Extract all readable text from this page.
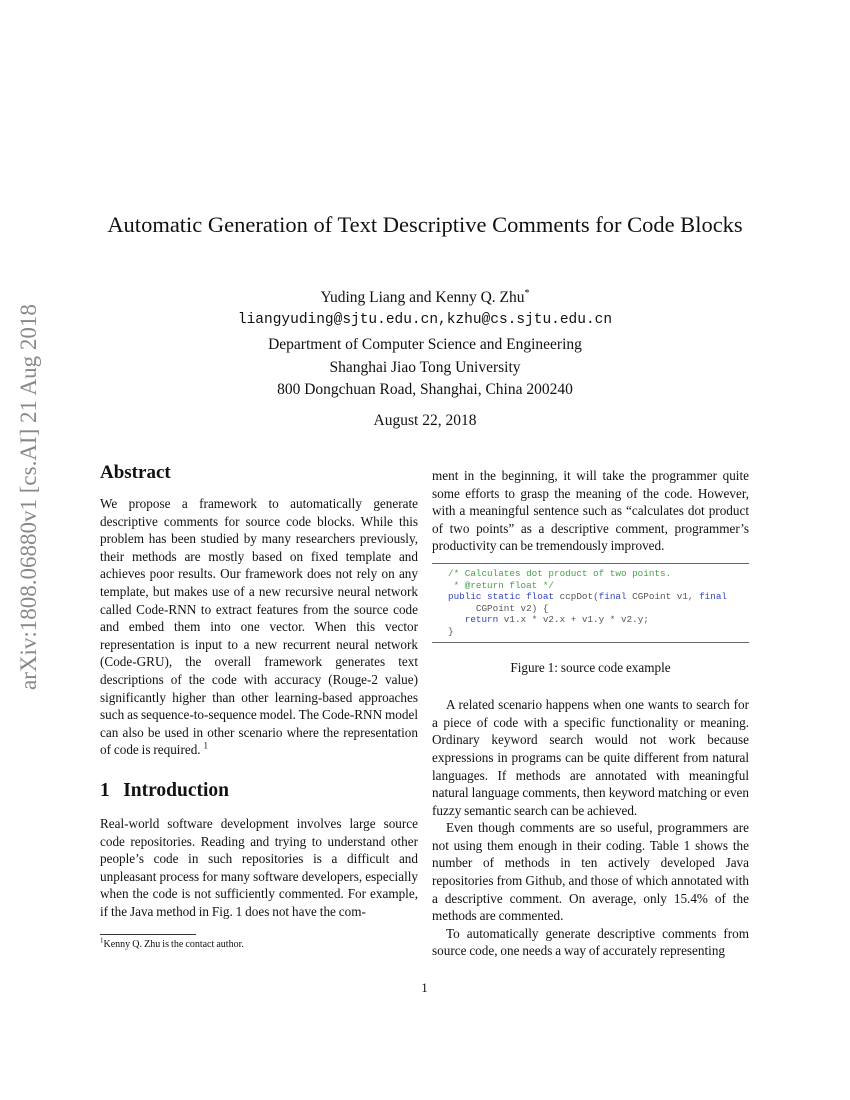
arXiv:1808.06880v1 [cs.AI] 21 Aug 2018
Automatic Generation of Text Descriptive Comments for Code Blocks
Yuding Liang and Kenny Q. Zhu*
liangyuding@sjtu.edu.cn,kzhu@cs.sjtu.edu.cn
Department of Computer Science and Engineering
Shanghai Jiao Tong University
800 Dongchuan Road, Shanghai, China 200240
August 22, 2018
Abstract

We propose a framework to automatically generate descriptive comments for source code blocks. While this problem has been studied by many researchers previously, their methods are mostly based on fixed template and achieves poor results. Our framework does not rely on any template, but makes use of a new recursive neural network called Code-RNN to extract features from the source code and embed them into one vector. When this vector representation is input to a new recurrent neural network (Code-GRU), the overall framework generates text descriptions of the code with accuracy (Rouge-2 value) significantly higher than other learning-based approaches such as sequence-to-sequence model. The Code-RNN model can also be used in other scenario where the representation of code is required. $^1$

1 Introduction

Real-world software development involves large source code repositories. Reading and trying to understand other people’s code in such repositories is a difficult and unpleasant process for many software developers, especially when the code is not sufficiently commented. For example, if the Java method in Fig. 1 does not have the com-

$^1$Kenny Q. Zhu is the contact author.

ment in the beginning, it will take the programmer quite some efforts to grasp the meaning of the code. However, with a meaningful sentence such as “calculates dot product of two points” as a descriptive comment, programmer’s productivity can be tremendously improved.

/* Calculates dot product of two points.
* @return float */
public static float ccpDot(final CGPoint v1, final
CGPoint v2) {
return v1.x * v2.x + v1.y * v2.y;
}
Figure 1: source code example

A related scenario happens when one wants to search for a piece of code with a specific functionality or meaning. Ordinary keyword search would not work because expressions in programs can be quite different from natural languages. If methods are annotated with meaningful natural language comments, then keyword matching or even fuzzy semantic search can be achieved.

Even though comments are so useful, programmers are not using them enough in their coding. Table 1 shows the number of methods in ten actively developed Java repositories from Github, and those of which annotated with a descriptive comment. On average, only 15.4% of the methods are commented.

To automatically generate descriptive comments from source code, one needs a way of accurately representing

1
